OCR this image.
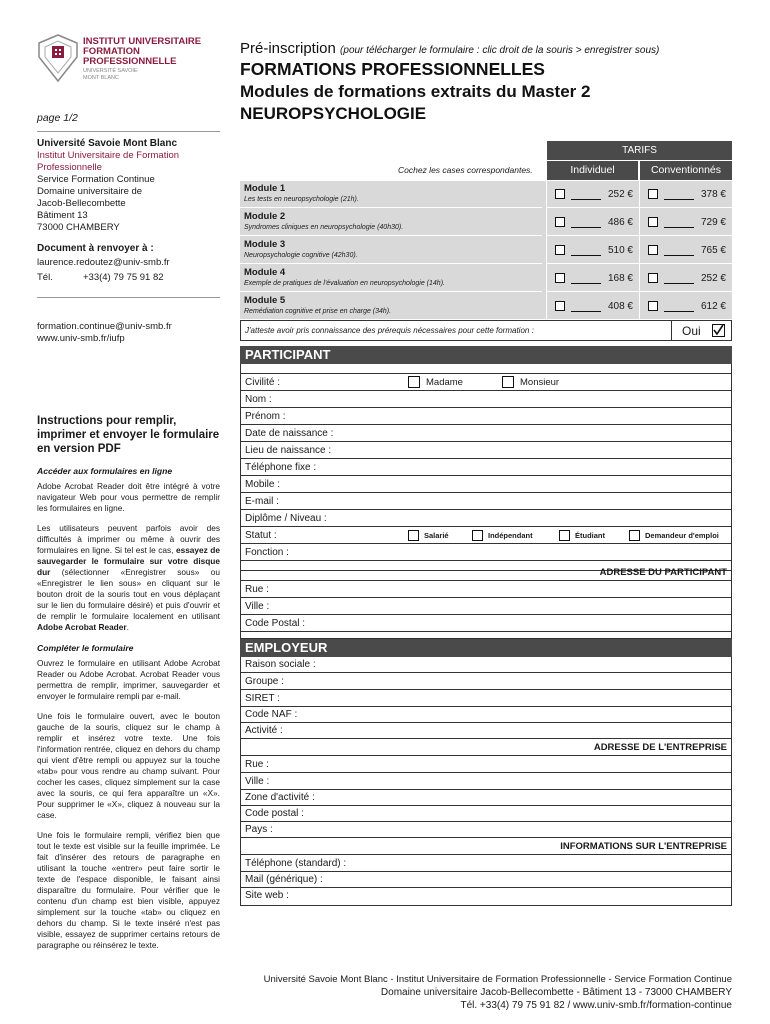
INSTITUT UNIVERSITAIRE
FORMATION
PROFESSIONNELLE
UNIVERSITÉ SAVOIE
MONT BLANC
page 1/2
Pré-inscription (pour télécharger le formulaire : clic droit de la souris > enregistrer sous)
FORMATIONS PROFESSIONNELLES
Modules de formations extraits du Master 2
NEUROPSYCHOLOGIE
Université Savoie Mont Blanc
Institut Universitaire de Formation
Professionnelle
Service Formation Continue
Domaine universitaire de
Jacob-Bellecombette
Bâtiment 13
73000 CHAMBERY
Document à renvoyer à :
laurence.redoutez@univ-smb.fr
Tél.	+33(4) 79 75 91 82
formation.continue@univ-smb.fr
www.univ-smb.fr/iufp
Instructions pour remplir, imprimer et envoyer le formulaire en version PDF
Accéder aux formulaires en ligne

Adobe Acrobat Reader doit être intégré à votre navigateur Web pour vous permettre de remplir les formulaires en ligne.

Les utilisateurs peuvent parfois avoir des difficultés à imprimer ou même à ouvrir des formulaires en ligne. Si tel est le cas, essayez de sauvegarder le formulaire sur votre disque dur (sélectionner «Enregistrer sous» ou «Enregistrer le lien sous» en cliquant sur le bouton droit de la souris tout en vous déplaçant sur le lien du formulaire désiré) et puis d'ouvrir et de remplir le formulaire localement en utilisant Adobe Acrobat Reader.

Compléter le formulaire

Ouvrez le formulaire en utilisant Adobe Acrobat Reader ou Adobe Acrobat. Acrobat Reader vous permettra de remplir, imprimer, sauvegarder et envoyer le formulaire rempli par e-mail.

Une fois le formulaire ouvert, avec le bouton gauche de la souris, cliquez sur le champ à remplir et insérez votre texte. Une fois l'information rentrée, cliquez en dehors du champ qui vient d'être rempli ou appuyez sur la touche «tab» pour vous rendre au champ suivant. Pour cocher les cases, cliquez simplement sur la case avec la souris, ce qui fera apparaître un «X». Pour supprimer le «X», cliquez à nouveau sur la case.

Une fois le formulaire rempli, vérifiez bien que tout le texte est visible sur la feuille imprimée. Le fait d'insérer des retours de paragraphe en utilisant la touche «entrer» peut faire sortir le texte de l'espace disponible, le faisant ainsi disparaître du formulaire. Pour vérifier que le contenu d'un champ est bien visible, appuyez simplement sur la touche «tab» ou cliquez en dehors du champ. Si le texte inséré n'est pas visible, essayez de supprimer certains retours de paragraphe ou réinsérez le texte.

TARIFS
Cochez les cases correspondantes.	Individuel	Conventionnés
Module 1
Les tests en neuropsychologie (21h).	252 €	378 €
Module 2
Syndromes cliniques en neuropsychologie (40h30).	486 €	729 €
Module 3
Neuropsychologie cognitive (42h30).	510 €	765 €
Module 4
Exemple de pratiques de l'évaluation en neuropsychologie (14h).	168 €	252 €
Module 5
Remédiation cognitive et prise en charge (34h).	408 €	612 €
J'atteste avoir pris connaissance des prérequis nécessaires pour cette formation :	Oui
PARTICIPANT
Civilité :	Madame	Monsieur
Nom :
Prénom :
Date de naissance :
Lieu de naissance :
Téléphone fixe :
Mobile :
E-mail :
Diplôme / Niveau :
Statut :	Salarié	Indépendant	Étudiant	Demandeur d'emploi
Fonction :
ADRESSE DU PARTICIPANT
Rue :
Ville :
Code Postal :
EMPLOYEUR
Raison sociale :
Groupe :
SIRET :
Code NAF :
Activité :
ADRESSE DE L'ENTREPRISE
Rue :
Ville :
Zone d'activité :
Code postal :
Pays :
INFORMATIONS SUR L'ENTREPRISE
Téléphone (standard) :
Mail (générique) :
Site web :
Université Savoie Mont Blanc - Institut Universitaire de Formation Professionnelle - Service Formation Continue
Domaine universitaire Jacob-Bellecombette - Bâtiment 13 - 73000 CHAMBERY
Tél. +33(4) 79 75 91 82 / www.univ-smb.fr/formation-continue
